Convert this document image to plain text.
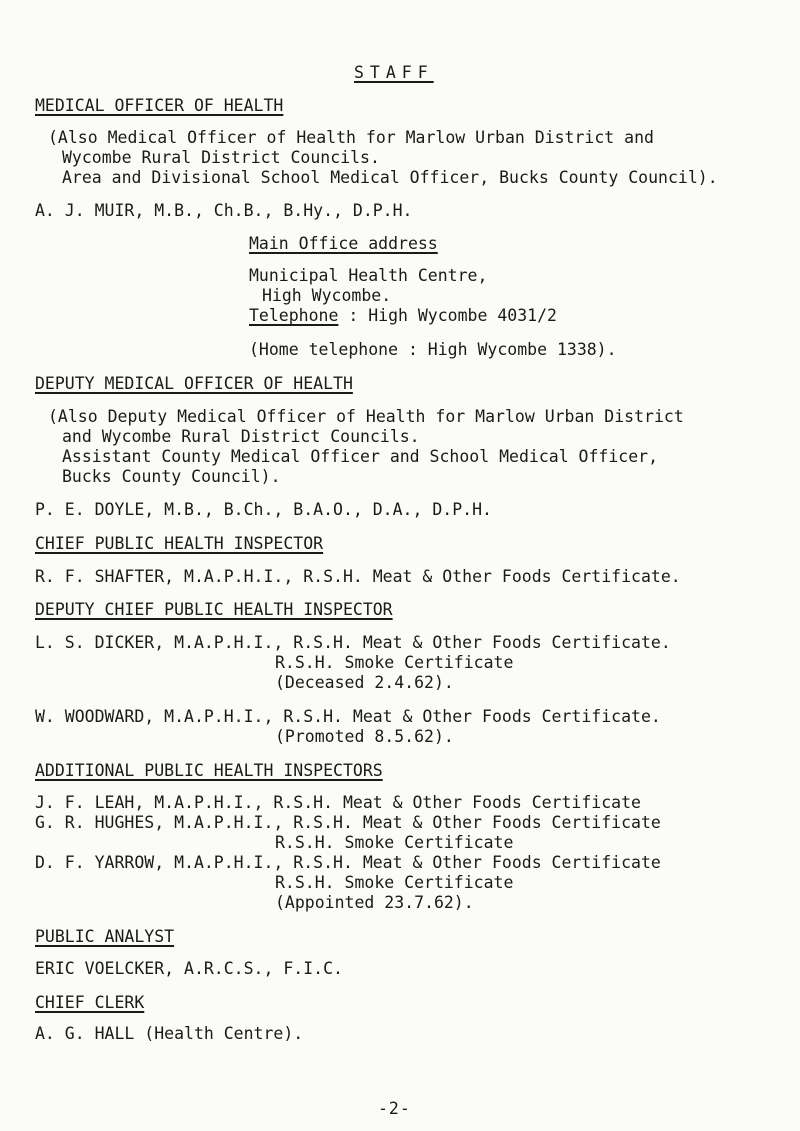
STAFF
MEDICAL OFFICER OF HEALTH
(Also Medical Officer of Health for Marlow Urban District and
Wycombe Rural District Councils.
Area and Divisional School Medical Officer, Bucks County Council).
A. J. MUIR, M.B., Ch.B., B.Hy., D.P.H.
Main Office address
Municipal Health Centre,
High Wycombe.
Telephone : High Wycombe 4031/2
(Home telephone : High Wycombe 1338).
DEPUTY MEDICAL OFFICER OF HEALTH
(Also Deputy Medical Officer of Health for Marlow Urban District
and Wycombe Rural District Councils.
Assistant County Medical Officer and School Medical Officer,
Bucks County Council).
P. E. DOYLE, M.B., B.Ch., B.A.O., D.A., D.P.H.
CHIEF PUBLIC HEALTH INSPECTOR
R. F. SHAFTER, M.A.P.H.I., R.S.H. Meat & Other Foods Certificate.
DEPUTY CHIEF PUBLIC HEALTH INSPECTOR
L. S. DICKER, M.A.P.H.I., R.S.H. Meat & Other Foods Certificate.
R.S.H. Smoke Certificate
(Deceased 2.4.62).
W. WOODWARD, M.A.P.H.I., R.S.H. Meat & Other Foods Certificate.
(Promoted 8.5.62).
ADDITIONAL PUBLIC HEALTH INSPECTORS
J. F. LEAH, M.A.P.H.I., R.S.H. Meat & Other Foods Certificate
G. R. HUGHES, M.A.P.H.I., R.S.H. Meat & Other Foods Certificate
R.S.H. Smoke Certificate
D. F. YARROW, M.A.P.H.I., R.S.H. Meat & Other Foods Certificate
R.S.H. Smoke Certificate
(Appointed 23.7.62).
PUBLIC ANALYST
ERIC VOELCKER, A.R.C.S., F.I.C.
CHIEF CLERK
A. G. HALL (Health Centre).
-2-
